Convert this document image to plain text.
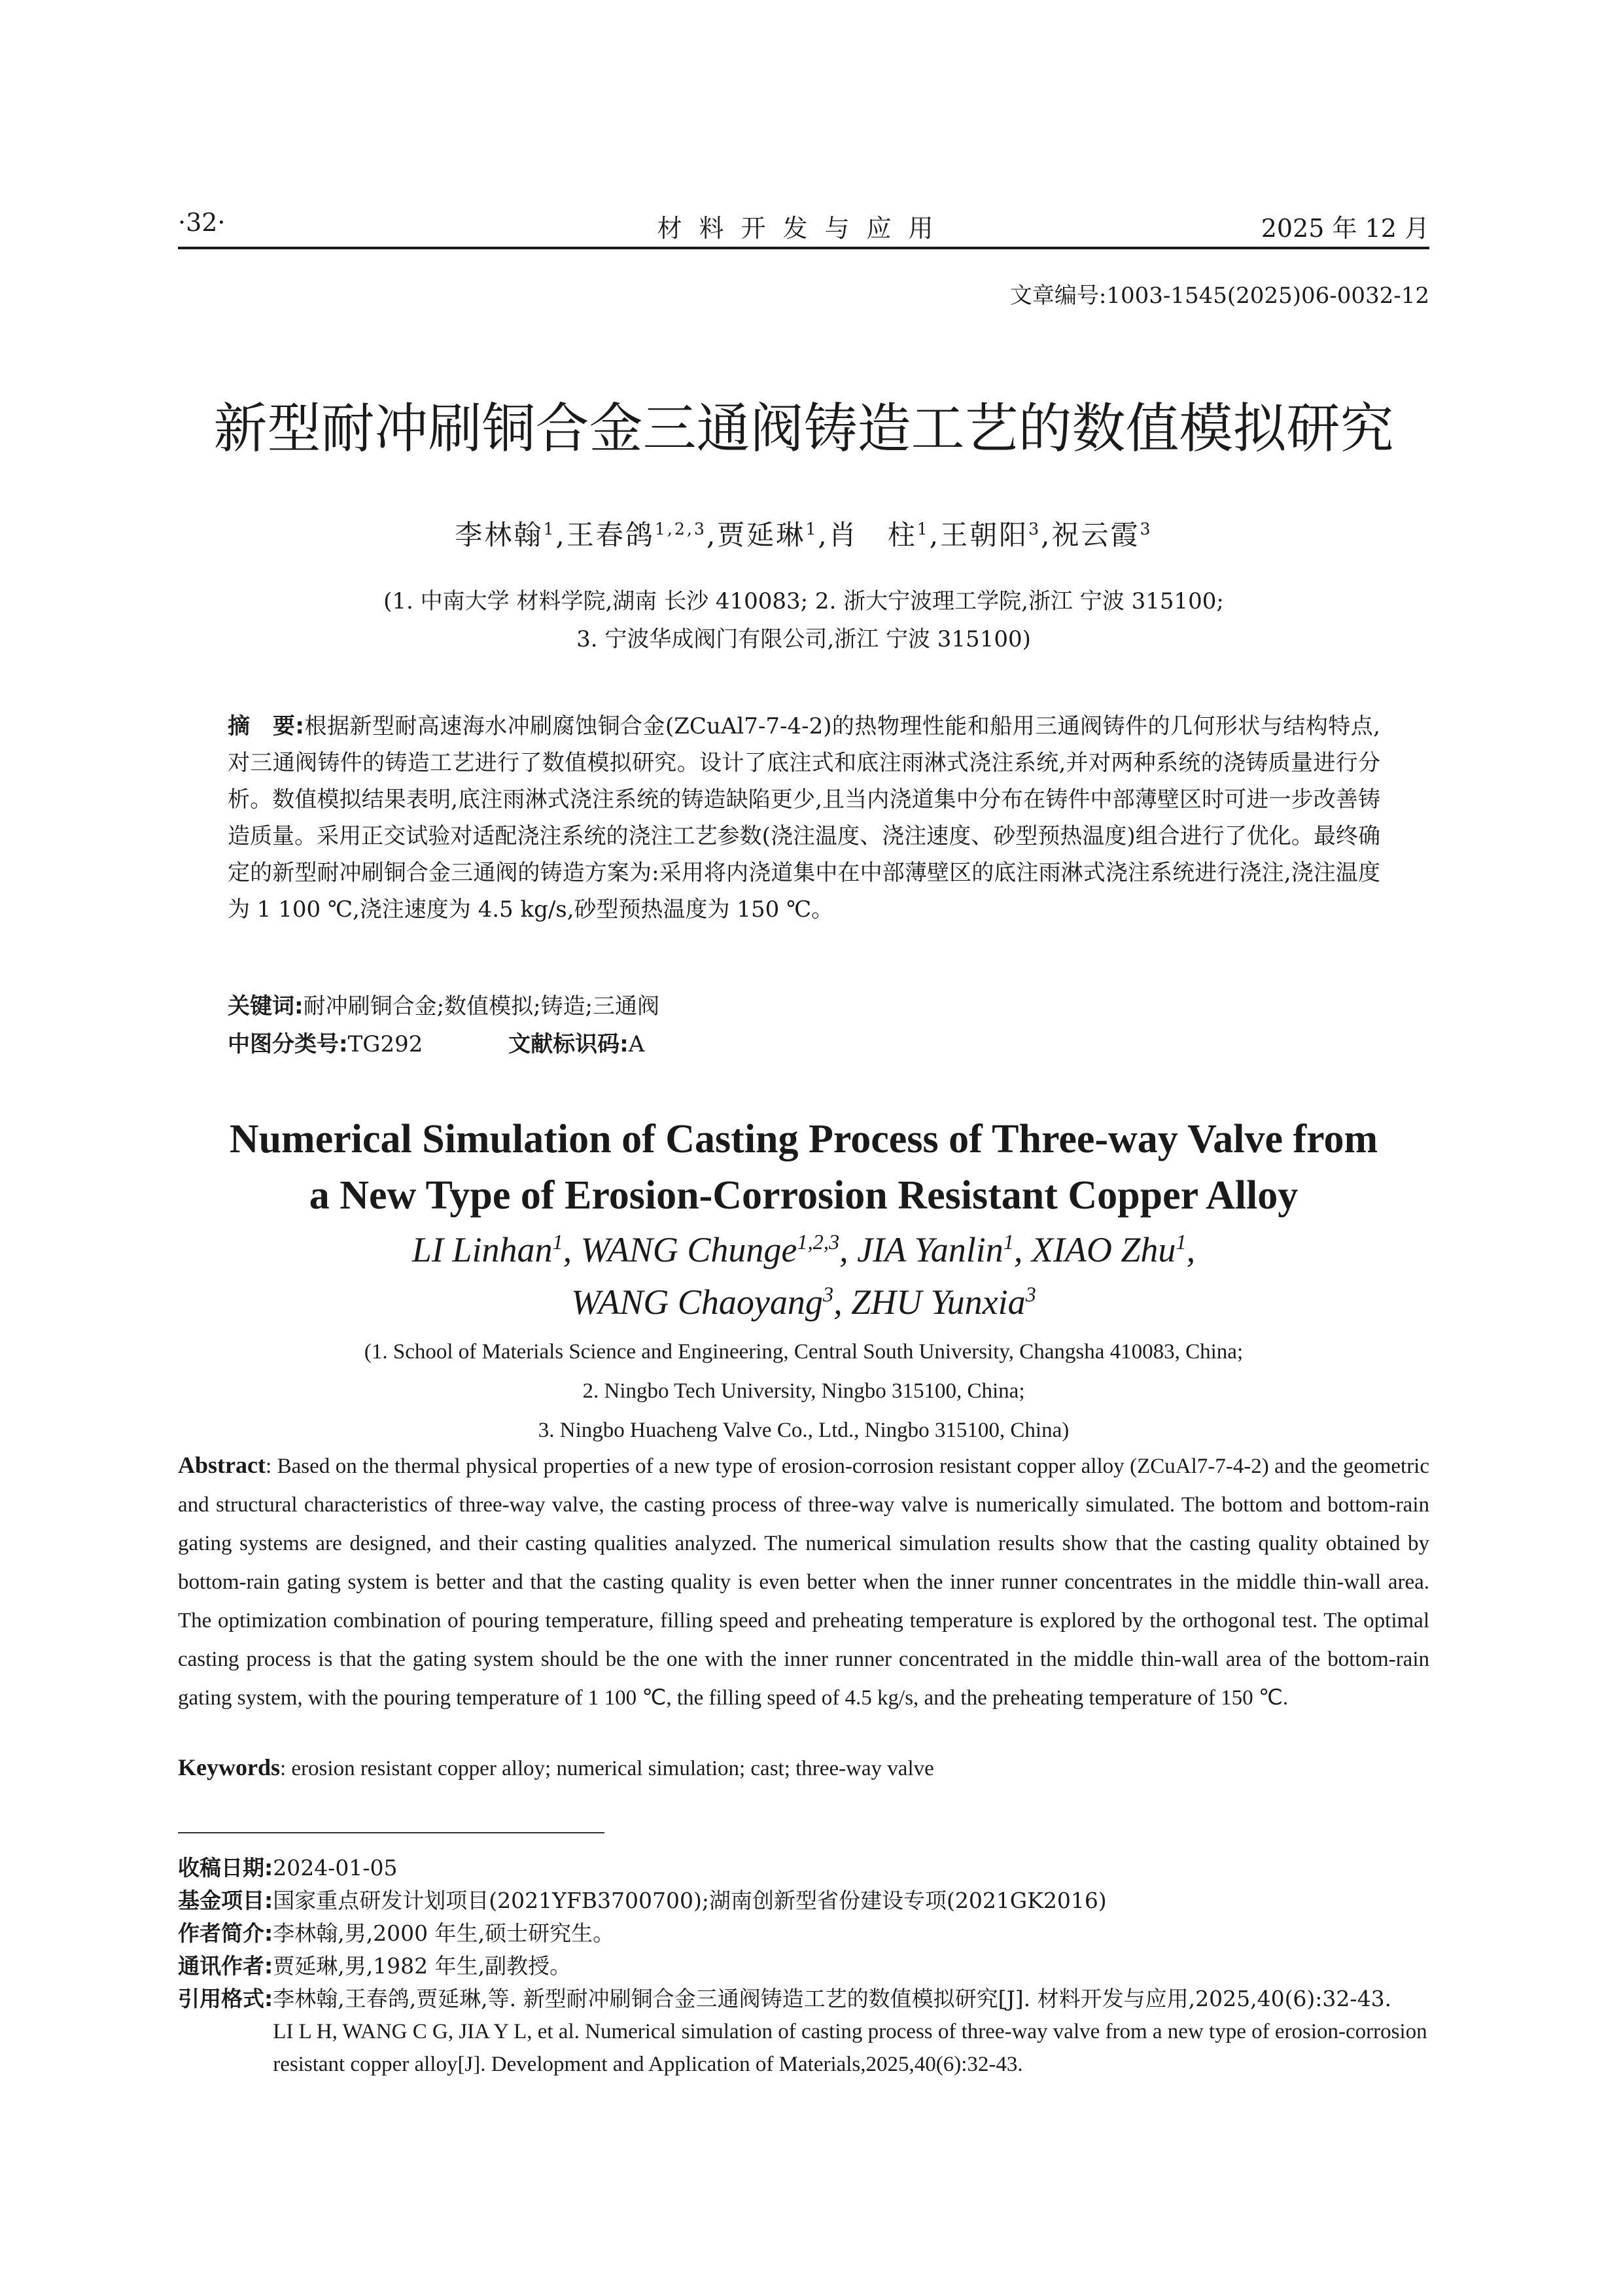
·32·	材料开发与应用	2025 年 12 月
文章编号:1003-1545(2025)06-0032-12
新型耐冲刷铜合金三通阀铸造工艺的数值模拟研究
李林翰$^1$,王春鸽$^{1,2,3}$,贾延琳$^1$,肖　柱$^1$,王朝阳$^3$,祝云霞$^3$
(1. 中南大学 材料学院,湖南 长沙 410083; 2. 浙大宁波理工学院,浙江 宁波 315100;
3. 宁波华成阀门有限公司,浙江 宁波 315100)
摘　要:根据新型耐高速海水冲刷腐蚀铜合金(ZCuAl7-7-4-2)的热物理性能和船用三通阀铸件的几何形状与结构特点,对三通阀铸件的铸造工艺进行了数值模拟研究。设计了底注式和底注雨淋式浇注系统,并对两种系统的浇铸质量进行分析。数值模拟结果表明,底注雨淋式浇注系统的铸造缺陷更少,且当内浇道集中分布在铸件中部薄壁区时可进一步改善铸造质量。采用正交试验对适配浇注系统的浇注工艺参数(浇注温度、浇注速度、砂型预热温度)组合进行了优化。最终确定的新型耐冲刷铜合金三通阀的铸造方案为:采用将内浇道集中在中部薄壁区的底注雨淋式浇注系统进行浇注,浇注温度为 1 100 ℃,浇注速度为 4.5 kg/s,砂型预热温度为 150 ℃。
关键词:耐冲刷铜合金;数值模拟;铸造;三通阀
中图分类号:TG292	文献标识码:A
Numerical Simulation of Casting Process of Three-way Valve from
a New Type of Erosion-Corrosion Resistant Copper Alloy
LI Linhan$^1$, WANG Chunge$^{1,2,3}$, JIA Yanlin$^1$, XIAO Zhu$^1$,
WANG Chaoyang$^3$, ZHU Yunxia$^3$
(1. School of Materials Science and Engineering, Central South University, Changsha 410083, China;
2. Ningbo Tech University, Ningbo 315100, China;
3. Ningbo Huacheng Valve Co., Ltd., Ningbo 315100, China)
Abstract: Based on the thermal physical properties of a new type of erosion-corrosion resistant copper alloy (ZCuAl7-7-4-2) and the geometric and structural characteristics of three-way valve, the casting process of three-way valve is numerically simulated. The bottom and bottom-rain gating systems are designed, and their casting qualities analyzed. The numerical simulation results show that the casting quality obtained by bottom-rain gating system is better and that the casting quality is even better when the inner runner concentrates in the middle thin-wall area. The optimization combination of pouring temperature, filling speed and preheating temperature is explored by the orthogonal test. The optimal casting process is that the gating system should be the one with the inner runner concentrated in the middle thin-wall area of the bottom-rain gating system, with the pouring temperature of 1 100 ℃, the filling speed of 4.5 kg/s, and the preheating temperature of 150 ℃.
Keywords: erosion resistant copper alloy; numerical simulation; cast; three-way valve
收稿日期:2024-01-05
基金项目:国家重点研发计划项目(2021YFB3700700);湖南创新型省份建设专项(2021GK2016)
作者简介:李林翰,男,2000 年生,硕士研究生。
通讯作者:贾延琳,男,1982 年生,副教授。
引用格式: 李林翰,王春鸽,贾延琳,等. 新型耐冲刷铜合金三通阀铸造工艺的数值模拟研究[J]. 材料开发与应用,2025,40(6):32-43.
LI L H, WANG C G, JIA Y L, et al. Numerical simulation of casting process of three-way valve from a new type of erosion-corrosion resistant copper alloy[J]. Development and Application of Materials,2025,40(6):32-43.
